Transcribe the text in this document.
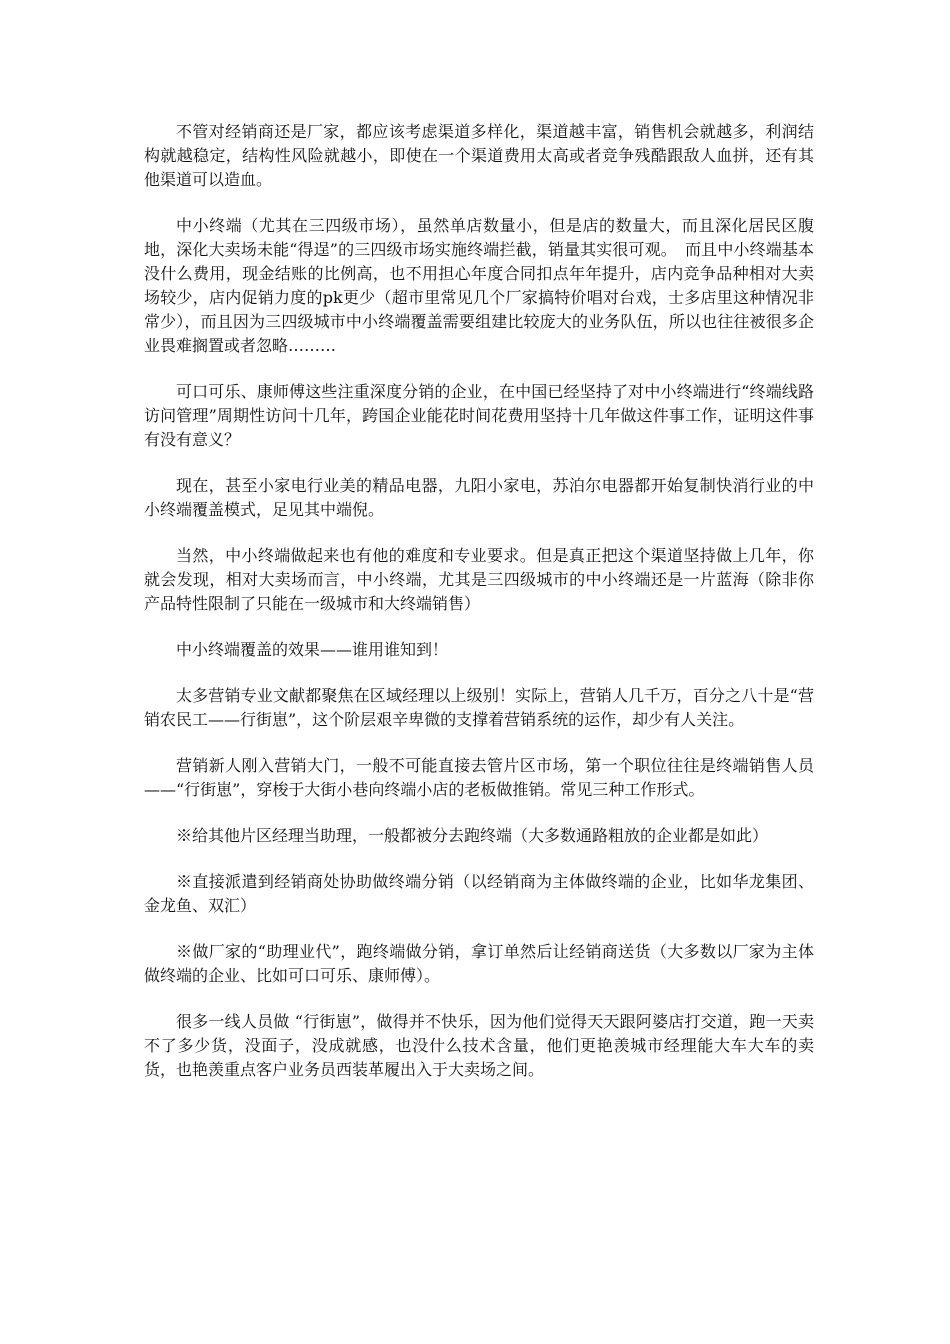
不管对经销商还是厂家，都应该考虑渠道多样化，渠道越丰富，销售机会就越多，利润结构就越稳定，结构性风险就越小，即使在一个渠道费用太高或者竞争残酷跟敌人血拼，还有其他渠道可以造血。

中小终端（尤其在三四级市场），虽然单店数量小，但是店的数量大，而且深化居民区腹地，深化大卖场未能“得逞”的三四级市场实施终端拦截，销量其实很可观。　而且中小终端基本没什么费用，现金结账的比例高，也不用担心年度合同扣点年年提升，店内竞争品种相对大卖场较少，店内促销力度的pk更少（超市里常见几个厂家搞特价唱对台戏，士多店里这种情况非常少），而且因为三四级城市中小终端覆盖需要组建比较庞大的业务队伍，所以也往往被很多企业畏难搁置或者忽略………

可口可乐、康师傅这些注重深度分销的企业，在中国已经坚持了对中小终端进行“终端线路访问管理”周期性访问十几年，跨国企业能花时间花费用坚持十几年做这件事工作，证明这件事有没有意义？

现在，甚至小家电行业美的精品电器，九阳小家电，苏泊尔电器都开始复制快消行业的中小终端覆盖模式，足见其中端倪。

当然，中小终端做起来也有他的难度和专业要求。但是真正把这个渠道坚持做上几年，你就会发现，相对大卖场而言，中小终端，尤其是三四级城市的中小终端还是一片蓝海（除非你产品特性限制了只能在一级城市和大终端销售）

中小终端覆盖的效果——谁用谁知到！

太多营销专业文献都聚焦在区域经理以上级别！实际上，营销人几千万，百分之八十是“营销农民工——行街崽”，这个阶层艰辛卑微的支撑着营销系统的运作，却少有人关注。

营销新人刚入营销大门，一般不可能直接去管片区市场，第一个职位往往是终端销售人员——“行街崽”，穿梭于大街小巷向终端小店的老板做推销。常见三种工作形式。

※给其他片区经理当助理，一般都被分去跑终端（大多数通路粗放的企业都是如此）

※直接派遣到经销商处协助做终端分销（以经销商为主体做终端的企业，比如华龙集团、金龙鱼、双汇）

※做厂家的“助理业代”，跑终端做分销，拿订单然后让经销商送货（大多数以厂家为主体做终端的企业、比如可口可乐、康师傅）。

很多一线人员做 “行街崽”，做得并不快乐，因为他们觉得天天跟阿婆店打交道，跑一天卖不了多少货，没面子，没成就感，也没什么技术含量，他们更艳羡城市经理能大车大车的卖货，也艳羡重点客户业务员西装革履出入于大卖场之间。
